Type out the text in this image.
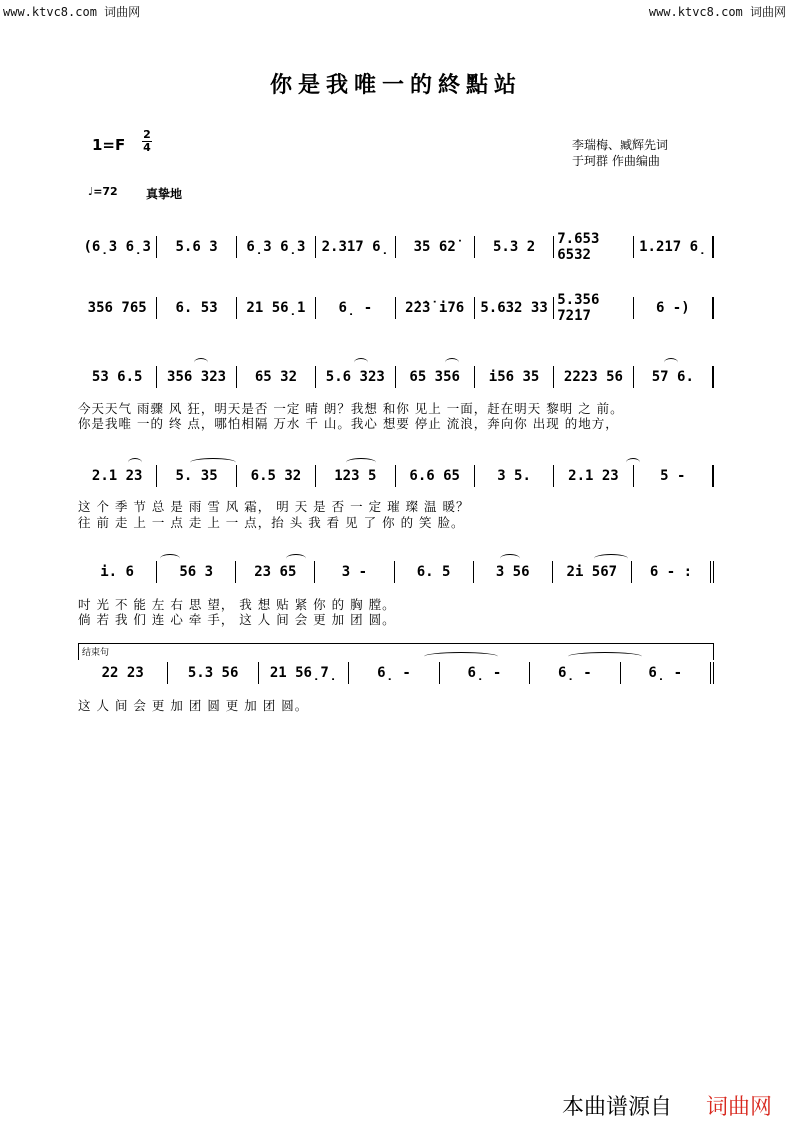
www.ktvc8.com 词曲网	www.ktvc8.com 词曲网
你是我唯一的終點站
1=F
2
4	李瑞梅、臧辉先词
于珂群 作曲编曲
♩=72 真挚地
(6̣3 6̣3	5.6 3	6̣3 6̣3	2.317 6̣	35 62̇	5.3 2	7.653 6532	1.217 6̣
356 765	6. 53	21 56̣1	6̣ -	2̇2̇3̇ i76	5.632 33 5.356 72̇17	6 -)
53 6.5	356 323	65 32	5.6 323	65 356	i56 35	2223 56	57 6.
今天天气 雨骤 风 狂，明天是否 一定 晴 朗？我想 和你 见上 一面，赶在明天 黎明 之 前。
你是我唯 一的 终 点，哪怕相隔 万水 千 山。我心 想要 停止 流浪，奔向你 出现 的地方，
2.1 23	5. 35	6.5 32	123 5	6.6 65	3 5.	2.1 23	5 -
这 个 季 节 总 是 雨 雪 风 霜， 明 天 是 否 一 定 璀 璨 温 暖？
往 前 走 上 一 点 走 上 一 点，抬 头 我 看 见 了 你 的 笑 脸。
i. 6	56 3	23 65	3 -	6. 5	3 56	2̇i 567	6 - :
吋 光 不 能 左 右 思 望， 我 想 贴 紧 你 的 胸 膛。
倘 若 我 们 连 心 牵 手， 这 人 间 会 更 加 团 圆。
结束句
22 23	5.3 56	21 56̣7̣	6̣ -	6̣ -	6̣ -	6̣ -
这 人 间 会 更 加 团 圆 更 加 团 圆。
本曲谱源自 词曲网
